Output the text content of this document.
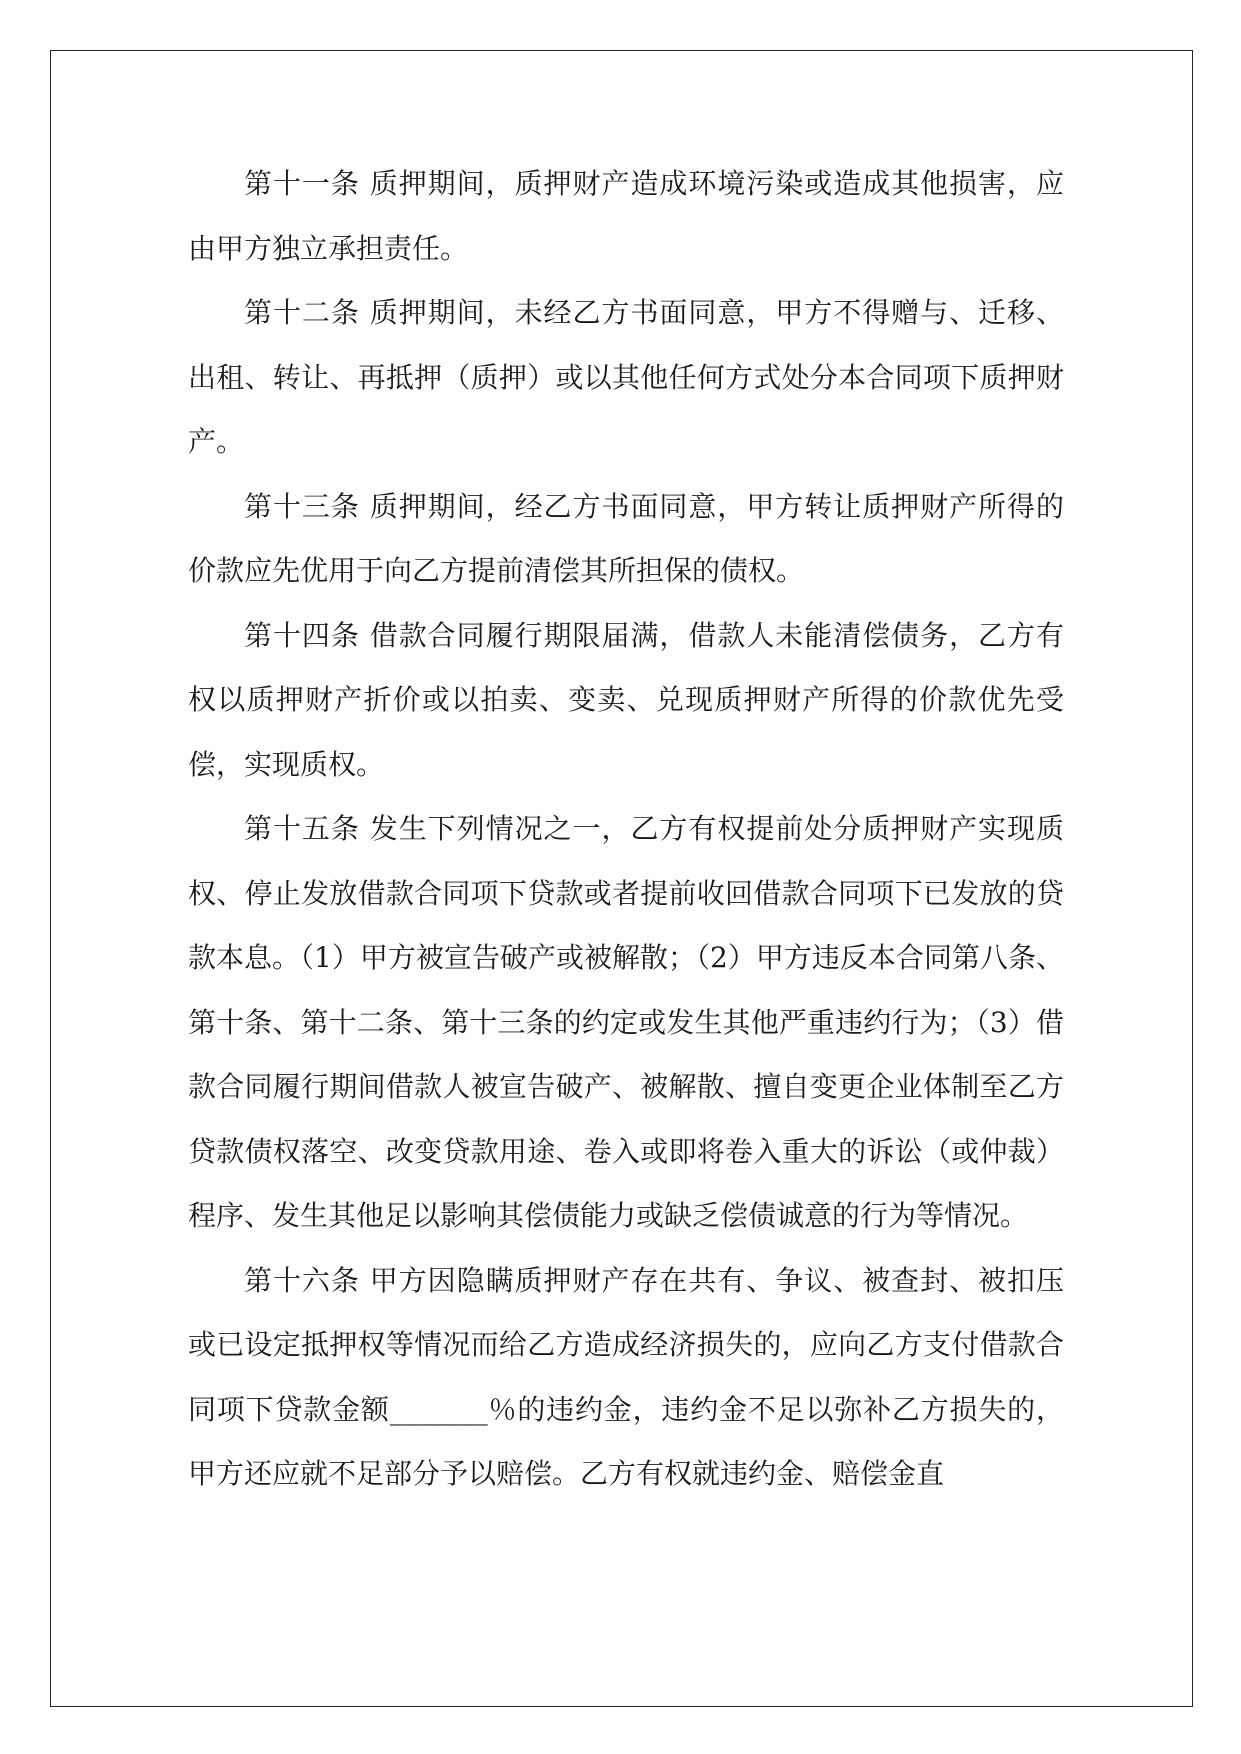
第十一条 质押期间，质押财产造成环境污染或造成其他损害，应由甲方独立承担责任。

第十二条 质押期间，未经乙方书面同意，甲方不得赠与、迁移、出租、转让、再抵押（质押）或以其他任何方式处分本合同项下质押财产。

第十三条 质押期间，经乙方书面同意，甲方转让质押财产所得的价款应先优用于向乙方提前清偿其所担保的债权。

第十四条 借款合同履行期限届满，借款人未能清偿债务，乙方有权以质押财产折价或以拍卖、变卖、兑现质押财产所得的价款优先受偿，实现质权。

第十五条 发生下列情况之一，乙方有权提前处分质押财产实现质权、停止发放借款合同项下贷款或者提前收回借款合同项下已发放的贷款本息。（1）甲方被宣告破产或被解散；（2）甲方违反本合同第八条、第十条、第十二条、第十三条的约定或发生其他严重违约行为；（3）借款合同履行期间借款人被宣告破产、被解散、擅自变更企业体制至乙方贷款债权落空、改变贷款用途、卷入或即将卷入重大的诉讼（或仲裁）程序、发生其他足以影响其偿债能力或缺乏偿债诚意的行为等情况。

第十六条 甲方因隐瞒质押财产存在共有、争议、被查封、被扣压或已设定抵押权等情况而给乙方造成经济损失的，应向乙方支付借款合同项下贷款金额_______％的违约金，违约金不足以弥补乙方损失的，甲方还应就不足部分予以赔偿。乙方有权就违约金、赔偿金直
